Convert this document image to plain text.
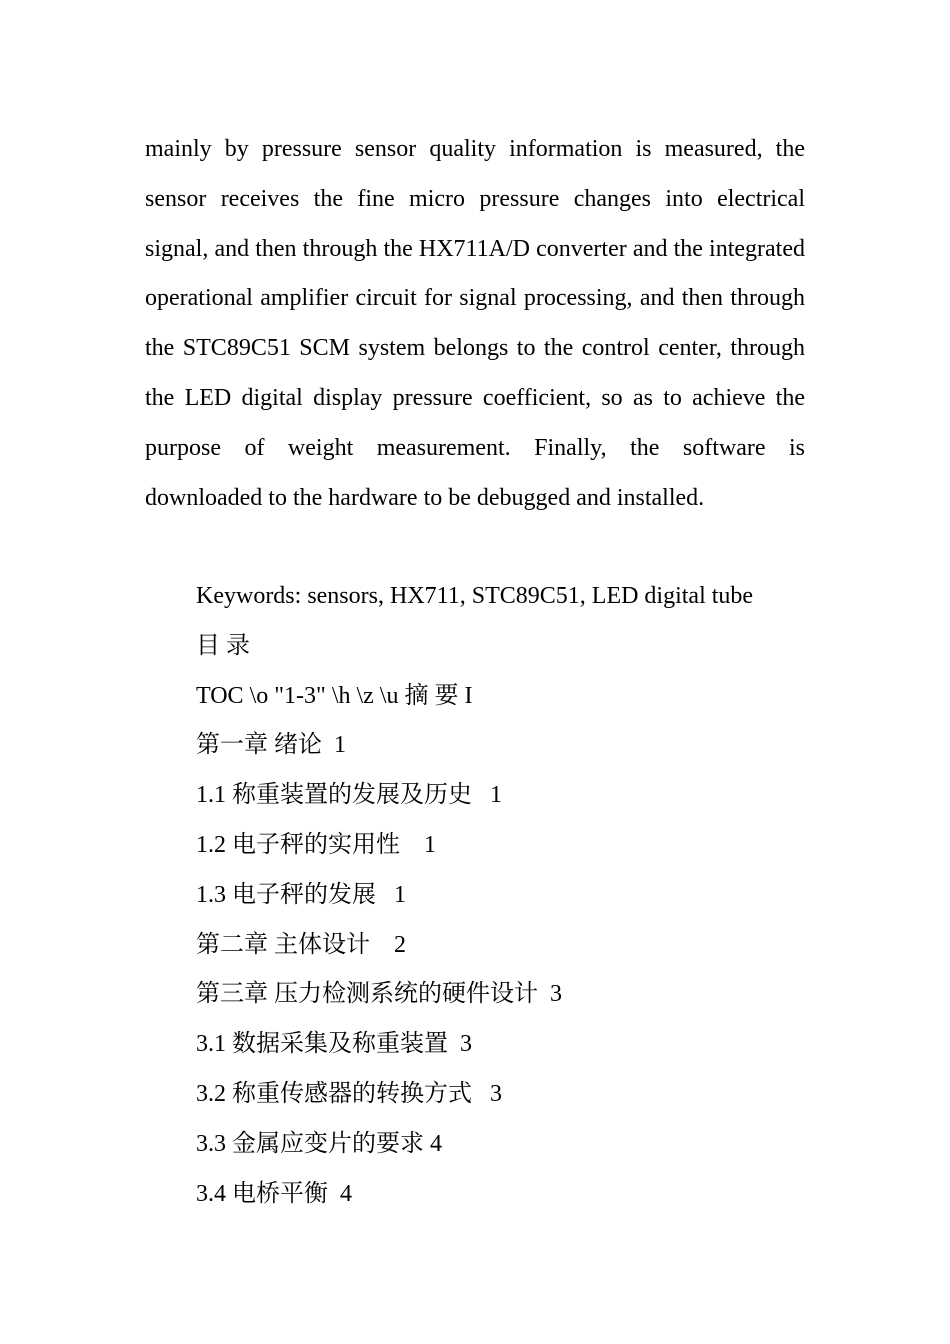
mainly by pressure sensor quality information is measured, the sensor receives the fine micro pressure changes into electrical signal, and then through the HX711A/D converter and the integrated operational amplifier circuit for signal processing, and then through the STC89C51 SCM system belongs to the control center, through the LED digital display pressure coefficient, so as to achieve the purpose of weight measurement. Finally, the software is downloaded to the hardware to be debugged and installed.

Keywords: sensors, HX711, STC89C51, LED digital tube
目 录
TOC \o "1-3" \h \z \u 摘 要 I
第一章 绪论  1
1.1 称重装置的发展及历史   1
1.2 电子秤的实用性    1
1.3 电子秤的发展   1
第二章 主体设计    2
第三章 压力检测系统的硬件设计  3
3.1 数据采集及称重装置  3
3.2 称重传感器的转换方式   3
3.3 金属应变片的要求 4
3.4 电桥平衡  4
